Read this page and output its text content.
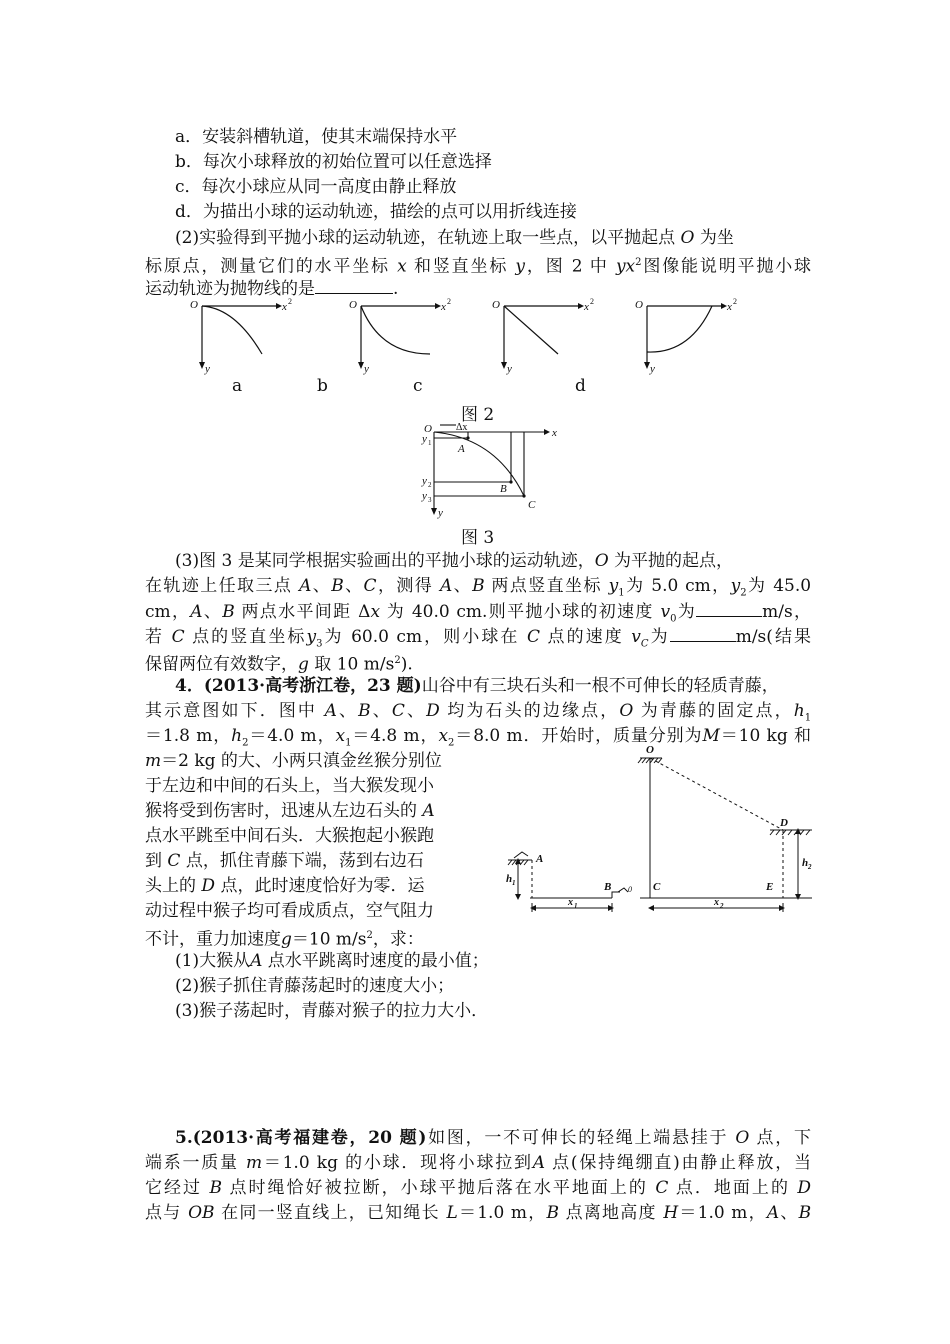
a．安装斜槽轨道，使其末端保持水平
b．每次小球释放的初始位置可以任意选择
c．每次小球应从同一高度由静止释放
d．为描出小球的运动轨迹，描绘的点可以用折线连接
(2)实验得到平抛小球的运动轨迹，在轨迹上取一些点，以平抛起点 O 为坐
标原点，测量它们的水平坐标 x 和竖直坐标 y，图 2 中 $yx^2$图像能说明平抛小球
运动轨迹为抛物线的是	.
O	x 2
y
O	x 2
y
O	x 2
y
O	x 2
y
a	b	c	d
图 2
O Δx	x
y
A
B
C
y 1
y 2
y 3
图 3
(3)图 3 是某同学根据实验画出的平抛小球的运动轨迹，O 为平抛的起点，
在轨迹上任取三点 A、B、C，测得 A、B 两点竖直坐标 $y_1$为 5.0 cm，$y_2$为 45.0
cm，A、B 两点水平间距 Δx 为 40.0 cm.则平抛小球的初速度 $v_0$为	m/s，
若 C 点的竖直坐标$y_3$为 60.0 cm，则小球在 C 点的速度 $v_C$为	m/s(结果
保留两位有效数字，g 取 10 $m/s^2$).
4．(2013·高考浙江卷，23 题)山谷中有三块石头和一根不可伸长的轻质青藤，
其示意图如下．图中 A、B、C、D 均为石头的边缘点，O 为青藤的固定点，$h_1$
＝1.8 m，$h_2=4.0$ m，$x_1=4.8$ m，$x_2=8.0$ m．开始时，质量分别为M＝10 kg 和
m＝2 kg 的大、小两只滇金丝猴分别位
于左边和中间的石头上，当大猴发现小
猴将受到伤害时，迅速从左边石头的 A
点水平跳至中间石头．大猴抱起小猴跑
到 C 点，抓住青藤下端，荡到右边石
头上的 D 点，此时速度恰好为零．运
动过程中猴子均可看成质点，空气阻力
不计，重力加速度g＝10 $m/s^2$，求：
(1)大猴从A 点水平跳离时速度的最小值；
(2)猴子抓住青藤荡起时的速度大小；
(3)猴子荡起时，青藤对猴子的拉力大小．
O
D
A
B	C	E
h 1
h 2
x 1	x 2
0
5.(2013·高考福建卷，20 题)如图，一不可伸长的轻绳上端悬挂于 O 点，下
端系一质量 m＝1.0 kg 的小球．现将小球拉到A 点(保持绳绷直)由静止释放，当
它经过 B 点时绳恰好被拉断，小球平抛后落在水平地面上的 C 点．地面上的 D
点与 OB 在同一竖直线上，已知绳长 L＝1.0 m，B 点离地高度 H＝1.0 m，A、B
